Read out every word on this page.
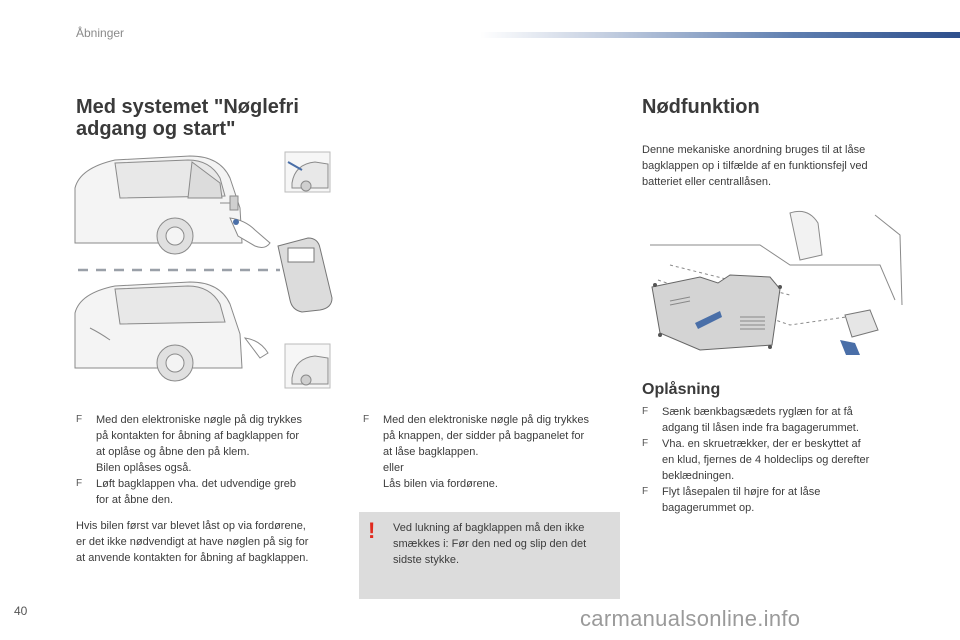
Åbninger
Med systemet "Nøglefri
adgang og start"
F Med den elektroniske nøgle på dig trykkes
på kontakten for åbning af bagklappen for
at oplåse og åbne den på klem.
Bilen oplåses også.
F Løft bagklappen vha. det udvendige greb
for at åbne den.
Hvis bilen først var blevet låst op via fordørene,
er det ikke nødvendigt at have nøglen på sig for
at anvende kontakten for åbning af bagklappen.
F Med den elektroniske nøgle på dig trykkes
på knappen, der sidder på bagpanelet for
at låse bagklappen.
eller
Lås bilen via fordørene.
! Ved lukning af bagklappen må den ikke
smækkes i: Før den ned og slip den det
sidste stykke.
Nødfunktion
Denne mekaniske anordning bruges til at låse
bagklappen op i tilfælde af en funktionsfejl ved
batteriet eller centrallåsen.
Oplåsning
F Sænk bænkbagsædets ryglæn for at få
adgang til låsen inde fra bagagerummet.
F Vha. en skruetrækker, der er beskyttet af
en klud, fjernes de 4 holdeclips og derefter
beklædningen.
F Flyt låsepalen til højre for at låse
bagagerummet op.
40	carmanualsonline.info
